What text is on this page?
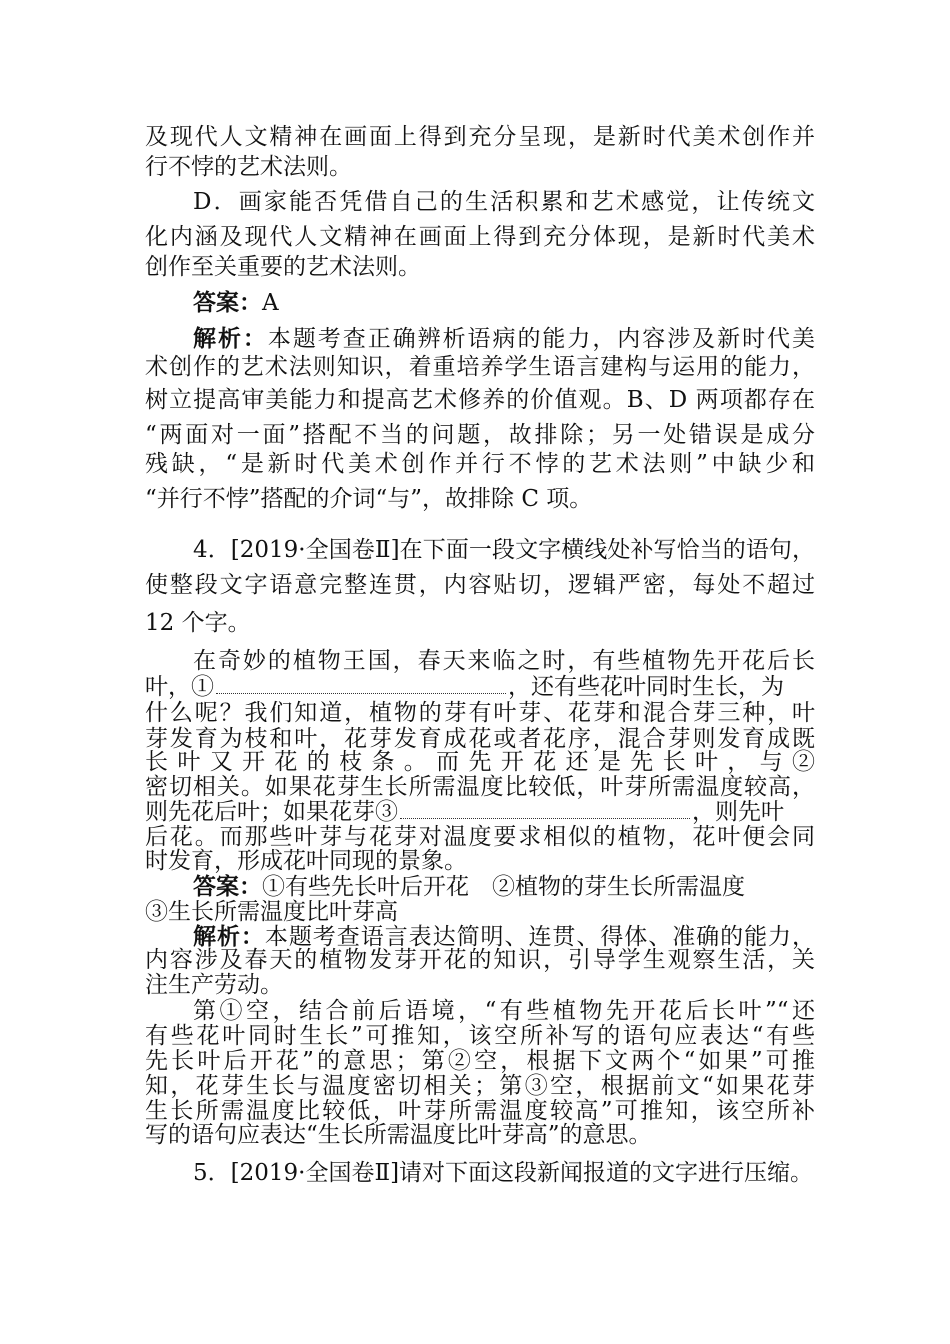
及现代人文精神在画面上得到充分呈现，是新时代美术创作并
行不悖的艺术法则。
D．画家能否凭借自己的生活积累和艺术感觉，让传统文
化内涵及现代人文精神在画面上得到充分体现，是新时代美术
创作至关重要的艺术法则。
答案：A
解析：本题考查正确辨析语病的能力，内容涉及新时代美
术创作的艺术法则知识，着重培养学生语言建构与运用的能力，
树立提高审美能力和提高艺术修养的价值观。B、D 两项都存在
“两面对一面”搭配不当的问题，故排除；另一处错误是成分
残缺，“是新时代美术创作并行不悖的艺术法则”中缺少和
“并行不悖”搭配的介词“与”，故排除 C 项。
4．[2019·全国卷Ⅱ]在下面一段文字横线处补写恰当的语句，
使整段文字语意完整连贯，内容贴切，逻辑严密，每处不超过
12 个字。
在奇妙的植物王国，春天来临之时，有些植物先开花后长
叶，①	，还有些花叶同时生长，为
什么呢？我们知道，植物的芽有叶芽、花芽和混合芽三种，叶
芽发育为枝和叶，花芽发育成花或者花序，混合芽则发育成既
长 叶 又 开 花 的 枝 条 。 而 先 开 花 还 是 先 长 叶 ， 与 ②
密切相关。如果花芽生长所需温度比较低，叶芽所需温度较高，
则先花后叶；如果花芽③	，则先叶
后花。而那些叶芽与花芽对温度要求相似的植物，花叶便会同
时发育，形成花叶同现的景象。
答案：①有些先长叶后开花　②植物的芽生长所需温度
③生长所需温度比叶芽高
解析：本题考查语言表达简明、连贯、得体、准确的能力，
内容涉及春天的植物发芽开花的知识，引导学生观察生活，关
注生产劳动。
第①空，结合前后语境，“有些植物先开花后长叶”“还
有些花叶同时生长”可推知，该空所补写的语句应表达“有些
先长叶后开花”的意思；第②空，根据下文两个“如果”可推
知，花芽生长与温度密切相关；第③空，根据前文“如果花芽
生长所需温度比较低，叶芽所需温度较高”可推知，该空所补
写的语句应表达“生长所需温度比叶芽高”的意思。
5．[2019·全国卷Ⅱ]请对下面这段新闻报道的文字进行压缩。
